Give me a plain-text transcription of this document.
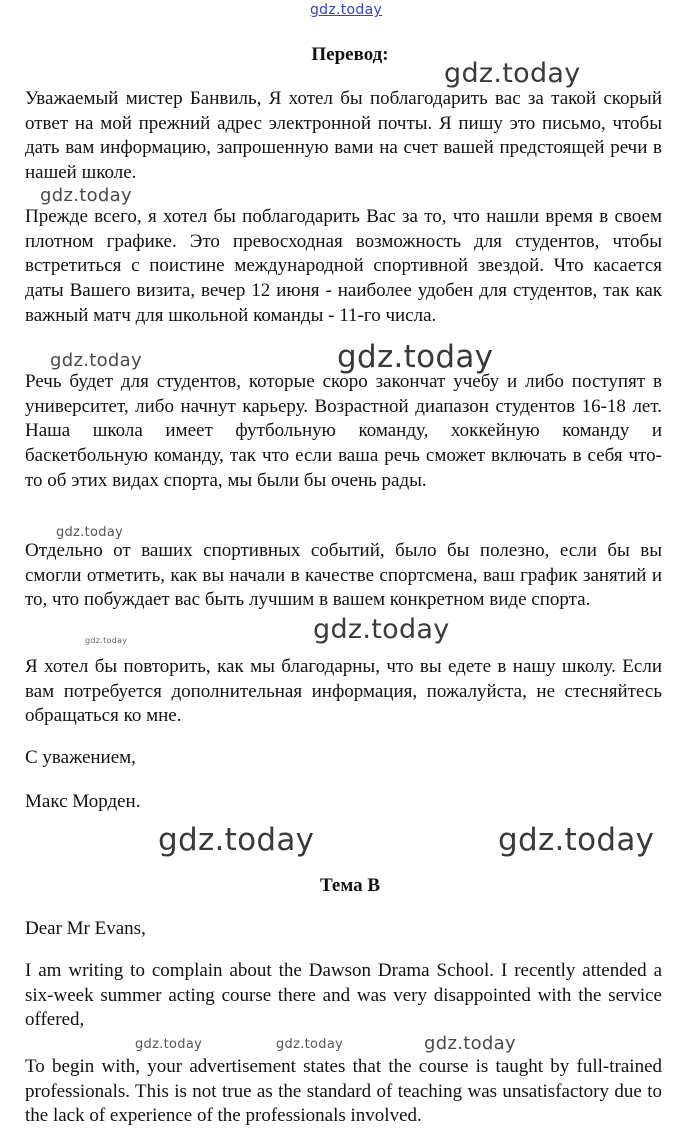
gdz.today
Перевод:
gdz.today

Уважаемый мистер Банвиль, Я хотел бы поблагодарить вас за такой скорый ответ на мой прежний адрес электронной почты. Я пишу это письмо, чтобы дать вам информацию, запрошенную вами на счет вашей предстоящей речи в нашей школе.

gdz.today

Прежде всего, я хотел бы поблагодарить Вас за то, что нашли время в своем плотном графике. Это превосходная возможность для студентов, чтобы встретиться с поистине международной спортивной звездой. Что касается даты Вашего визита, вечер 12 июня - наиболее удобен для студентов, так как важный матч для школьной команды - 11-го числа.

gdz.today	gdz.today

Речь будет для студентов, которые скоро закончат учебу и либо поступят в университет, либо начнут карьеру. Возрастной диапазон студентов 16-18 лет. Наша школа имеет футбольную команду, хоккейную команду и баскетбольную команду, так что если ваша речь сможет включать в себя что-то об этих видах спорта, мы были бы очень рады.

gdz.today

Отдельно от ваших спортивных событий, было бы полезно, если бы вы смогли отметить, как вы начали в качестве спортсмена, ваш график занятий и то, что побуждает вас быть лучшим в вашем конкретном виде спорта.

gdz.today	gdz.today

Я хотел бы повторить, как мы благодарны, что вы едете в нашу школу. Если вам потребуется дополнительная информация, пожалуйста, не стесняйтесь обращаться ко мне.

С уважением,

Макс Морден.

gdz.today	gdz.today
Тема В

Dear Mr Evans,

I am writing to complain about the Dawson Drama School. I recently attended a six-week summer acting course there and was very disappointed with the service offered,

gdz.today	gdz.today	gdz.today

To begin with, your advertisement states that the course is taught by full-trained professionals. This is not true as the standard of teaching was unsatisfactory due to the lack of experience of the professionals involved.
